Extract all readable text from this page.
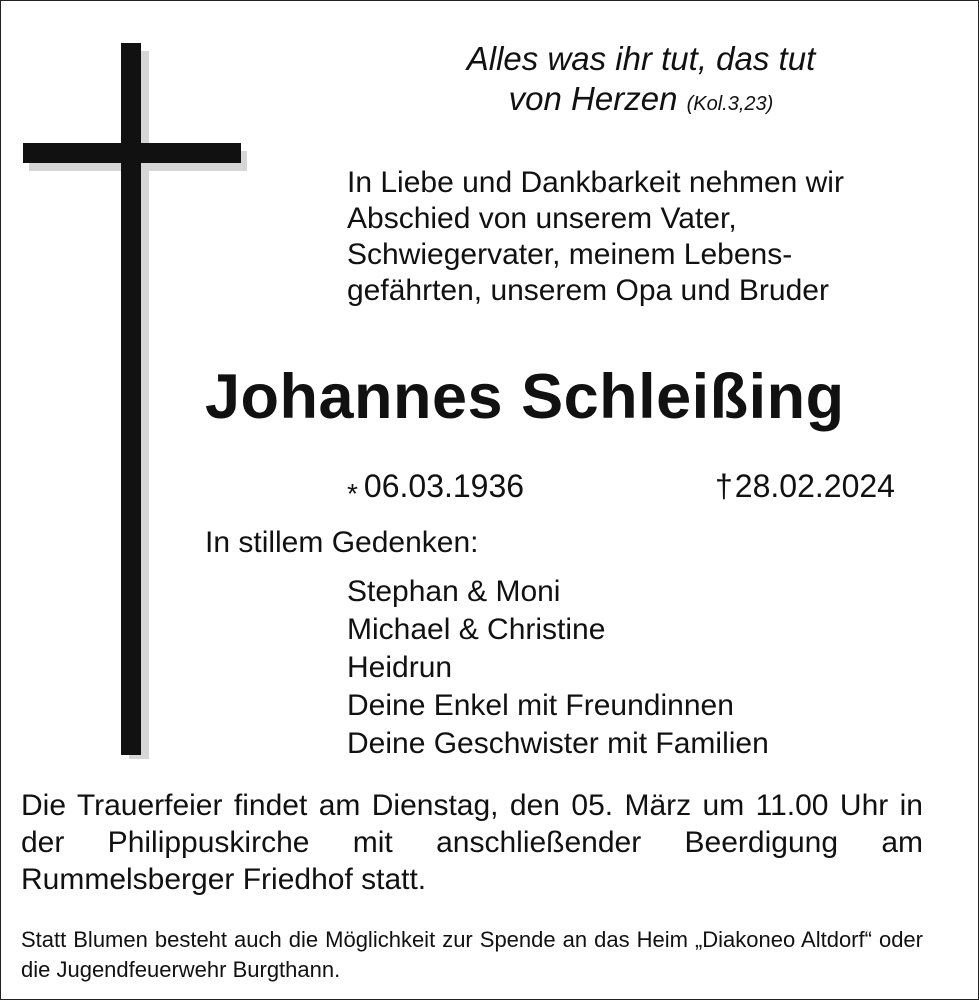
Alles was ihr tut, das tut
von Herzen (Kol.3,23)
In Liebe und Dankbarkeit nehmen wir
Abschied von unserem Vater,
Schwiegervater, meinem Lebens-
gefährten, unserem Opa und Bruder
Johannes Schleißing
* 06.03.1936	†28.02.2024
In stillem Gedenken:
Stephan & Moni
Michael & Christine
Heidrun
Deine Enkel mit Freundinnen
Deine Geschwister mit Familien
Die Trauerfeier findet am Dienstag, den 05. März um 11.00 Uhr in der Philippuskirche mit anschließender Beerdigung am Rummelsberger Friedhof statt.
Statt Blumen besteht auch die Möglichkeit zur Spende an das Heim „Diakoneo Altdorf“ oder die Jugendfeuerwehr Burgthann.
